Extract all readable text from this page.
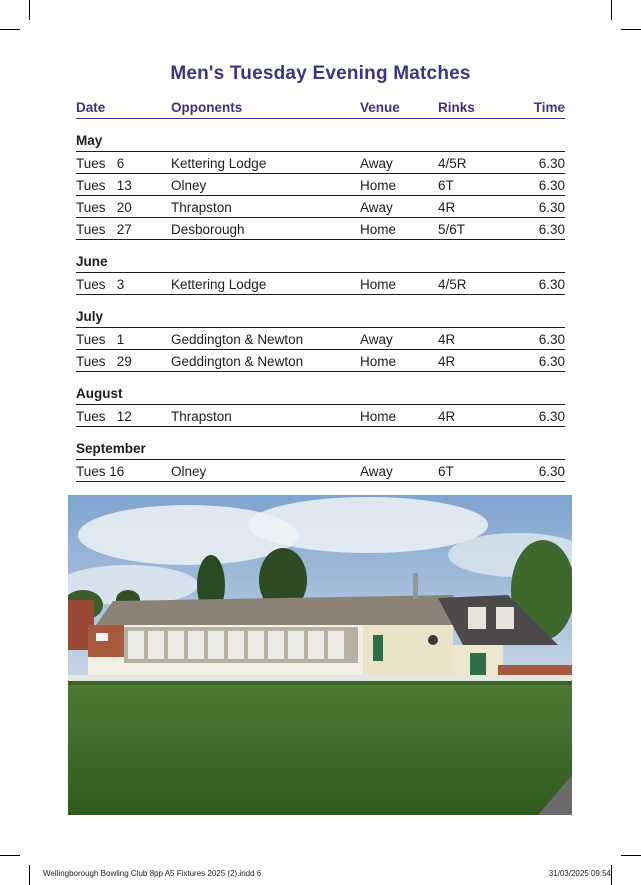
Men's Tuesday Evening Matches
Date	Opponents	Venue	Rinks	Time
May
Tues   6	Kettering Lodge	Away	4/5R	6.30
Tues   13	Olney	Home	6T	6.30
Tues   20	Thrapston	Away	4R	6.30
Tues   27	Desborough	Home	5/6T	6.30
June
Tues   3	Kettering Lodge	Home	4/5R	6.30
July
Tues   1	Geddington & Newton	Away	4R	6.30
Tues   29	Geddington & Newton	Home	4R	6.30
August
Tues   12	Thrapston	Home	4R	6.30
September
Tues 16	Olney	Away	6T	6.30
Wellingborough Bowling Club 8pp A5 Fixtures 2025 (2).indd 6	31/03/2025 09:54
